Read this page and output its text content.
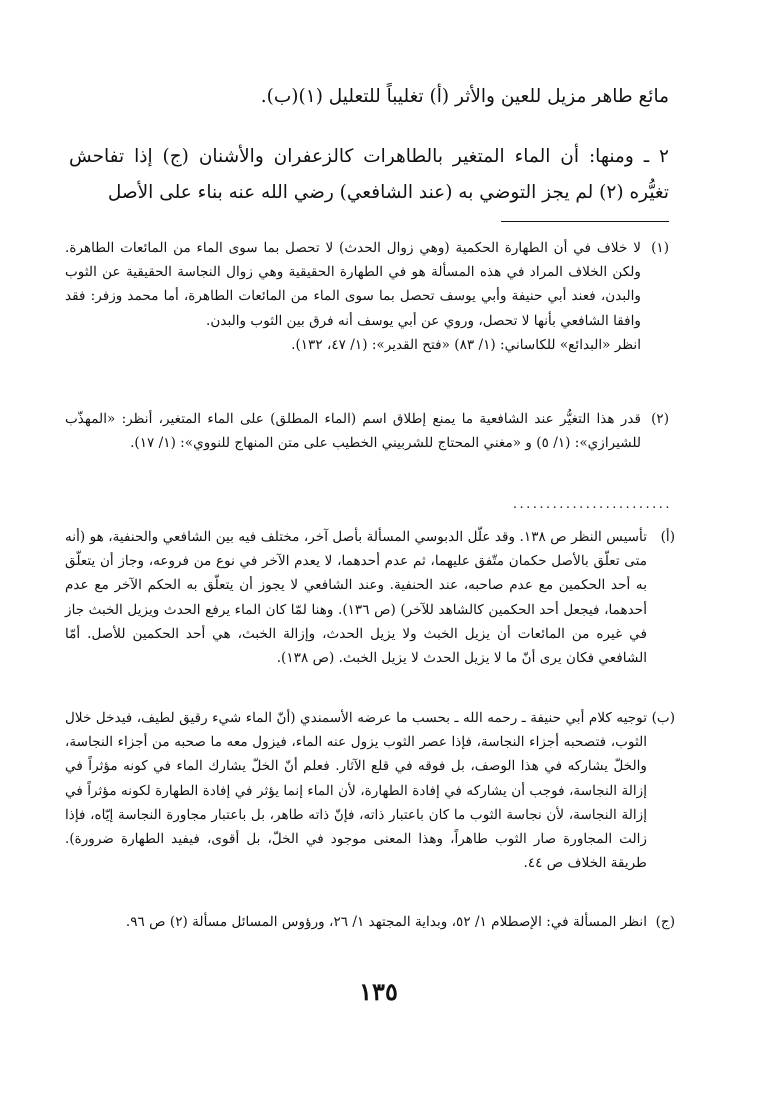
مائع طاهر مزيل للعين والأثر (أ) تغليباً للتعليل (١)(ب).
٢ ـ ومنها: أن الماء المتغير بالطاهرات كالزعفران والأشنان (ج) إذا تفاحش تغيُّره (٢) لم يجز التوضي به (عند الشافعي) رضي الله عنه بناء على الأصل
(١)
لا خلاف في أن الطهارة الحكمية (وهي زوال الحدث) لا تحصل بما سوى الماء من المائعات الطاهرة. ولكن الخلاف المراد في هذه المسألة هو في الطهارة الحقيقية وهي زوال النجاسة الحقيقية عن الثوب والبدن، فعند أبي حنيفة وأبي يوسف تحصل بما سوى الماء من المائعات الطاهرة، أما محمد وزفر: فقد وافقا الشافعي بأنها لا تحصل، وروي عن أبي يوسف أنه فرق بين الثوب والبدن.
انظر «البدائع» للكاساني: (١/ ٨٣) «فتح القدير»: (١/ ٤٧، ١٣٢).
(٢)
قدر هذا التغيُّر عند الشافعية ما يمنع إطلاق اسم (الماء المطلق) على الماء المتغير، أنظر: «المهذّب للشيرازي»: (١/ ٥) و «مغني المحتاج للشربيني الخطيب على متن المنهاج للنووي»: (١/ ١٧).
........................
(أ)
تأسيس النظر ص ١٣٨. وقد علّل الدبوسي المسألة بأصل آخر، مختلف فيه بين الشافعي والحنفية، هو (أنه متى تعلّق بالأصل حكمان متّفق عليهما، ثم عدم أحدهما، لا يعدم الآخر في نوع من فروعه، وجاز أن يتعلّق به أحد الحكمين مع عدم صاحبه، عند الحنفية. وعند الشافعي لا يجوز أن يتعلّق به الحكم الآخر مع عدم أحدهما، فيجعل أحد الحكمين كالشاهد للآخر) (ص ١٣٦). وهنا لمّا كان الماء يرفع الحدث ويزيل الخبث جاز في غيره من المائعات أن يزيل الخبث ولا يزيل الحدث، وإزالة الخبث، هي أحد الحكمين للأصل. أمّا الشافعي فكان يرى أنّ ما لا يزيل الحدث لا يزيل الخبث. (ص ١٣٨).
(ب)
توجيه كلام أبي حنيفة ـ رحمه الله ـ بحسب ما عرضه الأسمندي (أنّ الماء شيء رقيق لطيف، فيدخل خلال الثوب، فتصحبه أجزاء النجاسة، فإذا عصر الثوب يزول عنه الماء، فيزول معه ما صحبه من أجزاء النجاسة، والخلّ يشاركه في هذا الوصف، بل فوقه في قلع الآثار. فعلم أنّ الخلّ يشارك الماء في كونه مؤثراً في إزالة النجاسة، فوجب أن يشاركه في إفادة الطهارة، لأن الماء إنما يؤثر في إفادة الطهارة لكونه مؤثراً في إزالة النجاسة، لأن نجاسة الثوب ما كان باعتبار ذاته، فإنّ ذاته طاهر، بل باعتبار مجاورة النجاسة إيّاه، فإذا زالت المجاورة صار الثوب طاهراً، وهذا المعنى موجود في الخلّ، بل أقوى، فيفيد الطهارة ضرورة). طريقة الخلاف ص ٤٤.
(ج)
انظر المسألة في: الإصطلام ١/ ٥٢، وبداية المجتهد ١/ ٢٦، ورؤوس المسائل مسألة (٢) ص ٩٦.
١٣٥
